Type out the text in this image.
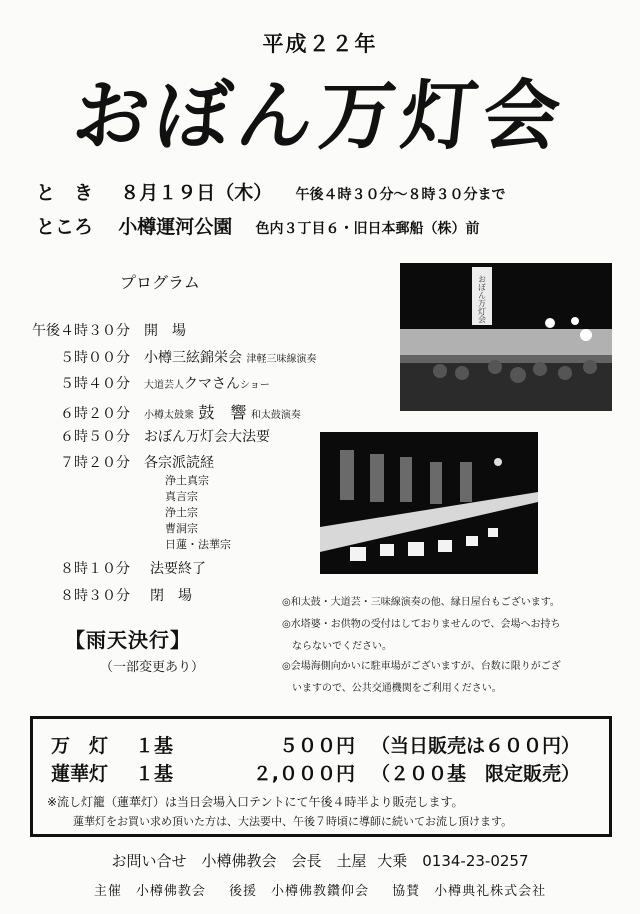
平成２２年
おぼん万灯会
と　き ８月１９日（木） 午後４時３０分～８時３０分まで
ところ 小樽運河公園 色内３丁目６・旧日本郵船（株）前
プログラム
午後４時３０分 開　場
５時００分 小樽三絃錦栄会 津軽三味線演奏
５時４０分 大道芸人クマさんショー
６時２０分 小樽太鼓衆 鼓　響 和太鼓演奏
６時５０分 おぼん万灯会大法要
７時２０分 各宗派読経
浄土真宗
真言宗
浄土宗
曹洞宗
日蓮・法華宗
８時１０分 法要終了
８時３０分 閉　場
おぼん万灯会
【雨天決行】
（一部変更あり）
◎和太鼓・大道芸・三味線演奏の他、縁日屋台もございます。
◎水塔婆・お供物の受付はしておりませんので、会場へお持ち
　ならないでください。
◎会場海側向かいに駐車場がございますが、台数に限りがござ
　いますので、公共交通機関をご利用ください。
万　灯 １基	５００円 （当日販売は６００円）
蓮華灯 １基	２,０００円 （２００基　限定販売）
※流し灯籠（蓮華灯）は当日会場入口テントにて午後４時半より販売します。
蓮華灯をお買い求め頂いた方は、大法要中、午後７時頃に導師に続いてお流し頂けます。
お問い合せ　小樽佛教会　会長　土屋 大乗　0134-23-0257
主催　小樽佛教会　 後援　小樽佛教鑽仰会　 協賛　小樽典礼株式会社
